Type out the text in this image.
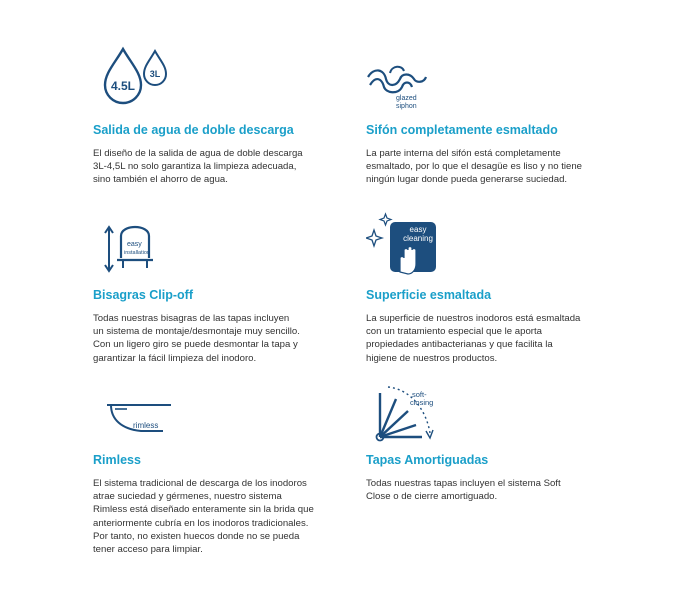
4.5L
3L
Salida de agua de doble descarga

El diseño de la salida de agua de doble descarga
3L-4,5L no solo garantiza la limpieza adecuada,
sino también el ahorro de agua.

glazed
siphon
Sifón completamente esmaltado

La parte interna del sifón está completamente
esmaltado, por lo que el desagüe es liso y no tiene
ningún lugar donde pueda generarse suciedad.

easy
installation
Bisagras Clip-off

Todas nuestras bisagras de las tapas incluyen
un sistema de montaje/desmontaje muy sencillo.
Con un ligero giro se puede desmontar la tapa y
garantizar la fácil limpieza del inodoro.

easy
cleaning
Superficie esmaltada

La superficie de nuestros inodoros está esmaltada
con un tratamiento especial que le aporta
propiedades antibacterianas y que facilita la
higiene de nuestros productos.

rimless
Rimless

El sistema tradicional de descarga de los inodoros
atrae suciedad y gérmenes, nuestro sistema
Rimless está diseñado enteramente sin la brida que
anteriormente cubría en los inodoros tradicionales.
Por tanto, no existen huecos donde no se pueda
tener acceso para limpiar.

soft-
closing
Tapas Amortiguadas

Todas nuestras tapas incluyen el sistema Soft
Close o de cierre amortiguado.
